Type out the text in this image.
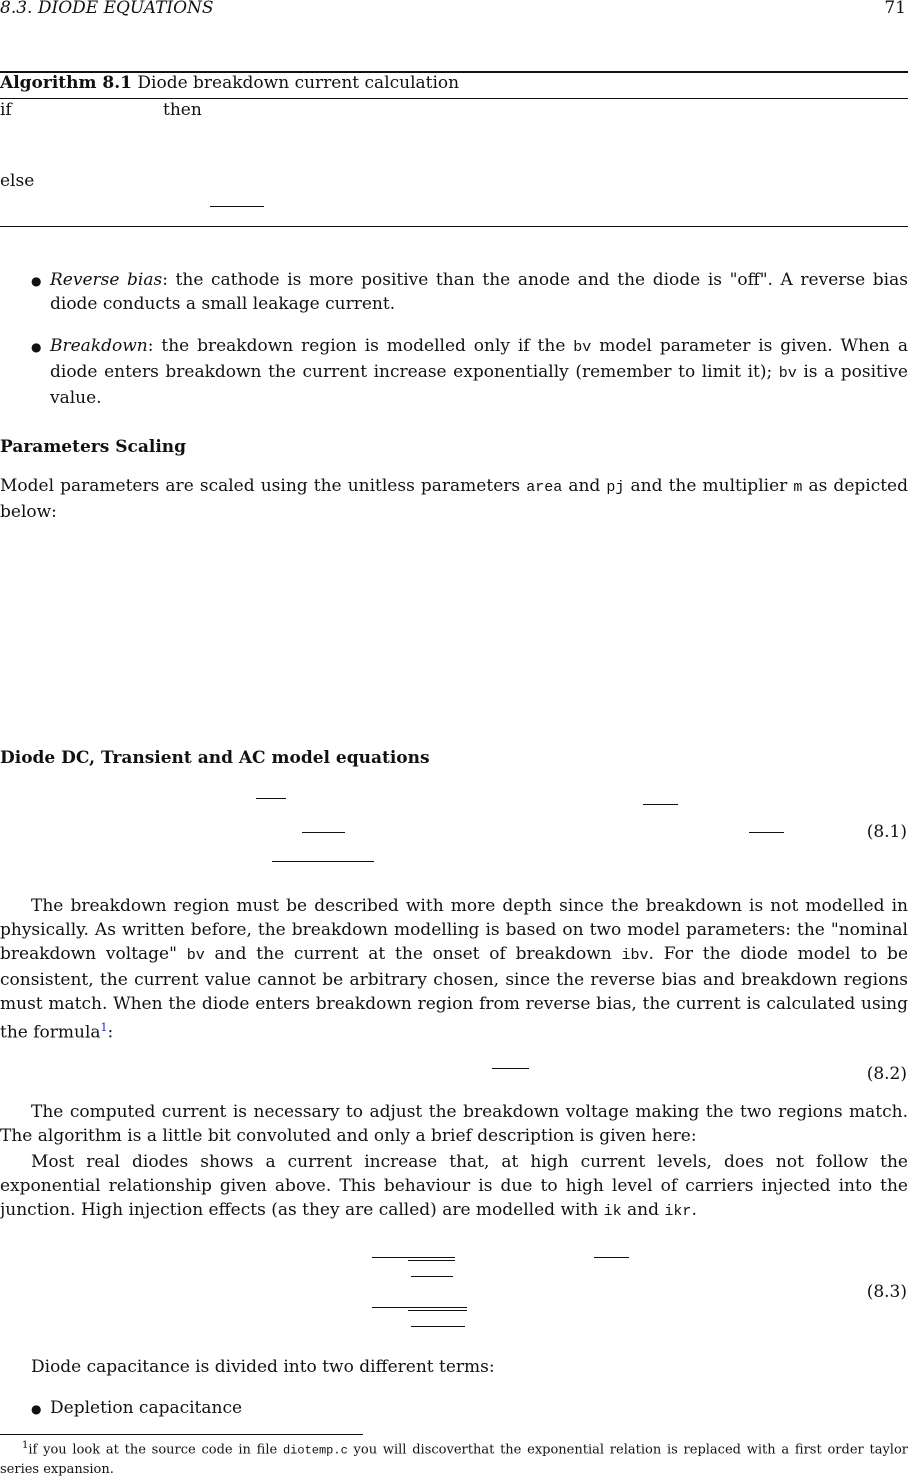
8.3. DIODE EQUATIONS	71
Algorithm 8.1 Diode breakdown current calculation
if	then
else
● Reverse bias: the cathode is more positive than the anode and the diode is "off". A reverse bias diode conducts a small leakage current.
● Breakdown: the breakdown region is modelled only if the bv model parameter is given. When a diode enters breakdown the current increase exponentially (remember to limit it); bv is a positive value.
Parameters Scaling
Model parameters are scaled using the unitless parameters area and pj and the multiplier m as depicted below:
Diode DC, Transient and AC model equations
(8.1)
The breakdown region must be described with more depth since the breakdown is not modelled in physically. As written before, the breakdown modelling is based on two model parameters: the "nominal breakdown voltage" bv and the current at the onset of breakdown ibv. For the diode model to be consistent, the current value cannot be arbitrary chosen, since the reverse bias and breakdown regions must match. When the diode enters breakdown region from reverse bias, the current is calculated using the formula$^1$:
(8.2)
The computed current is necessary to adjust the breakdown voltage making the two regions match. The algorithm is a little bit convoluted and only a brief description is given here:
Most real diodes shows a current increase that, at high current levels, does not follow the exponential relationship given above. This behaviour is due to high level of carriers injected into the junction. High injection effects (as they are called) are modelled with ik and ikr.
(8.3)
Diode capacitance is divided into two different terms:
● Depletion capacitance
$^1$if you look at the source code in file diotemp.c you will discoverthat the exponential relation is replaced with a first order taylor series expansion.
